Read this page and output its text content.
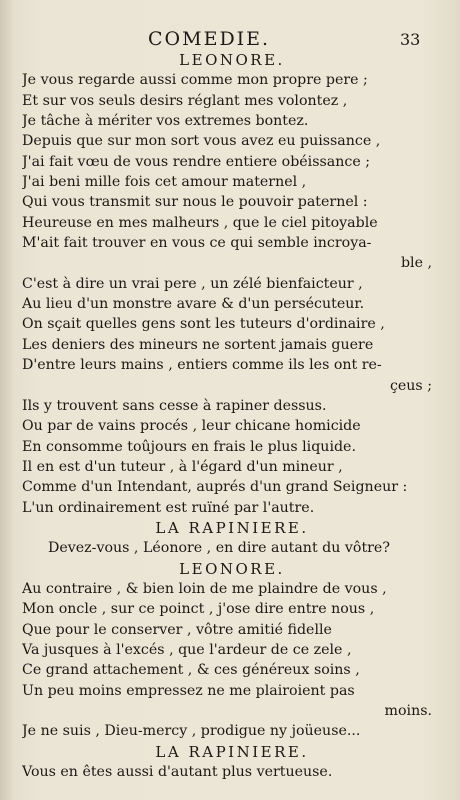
COMEDIE.	33
LEONORE.
Je vous regarde aussi comme mon propre pere ;
Et sur vos seuls desirs réglant mes volontez ,
Je tâche à mériter vos extremes bontez.
Depuis que sur mon sort vous avez eu puissance ,
J'ai fait vœu de vous rendre entiere obéissance ;
J'ai beni mille fois cet amour maternel ,
Qui vous transmit sur nous le pouvoir paternel :
Heureuse en mes malheurs , que le ciel pitoyable
M'ait fait trouver en vous ce qui semble incroya-
ble ,
C'est à dire un vrai pere , un zélé bienfaicteur ,
Au lieu d'un monstre avare & d'un persécuteur.
On sçait quelles gens sont les tuteurs d'ordinaire ,
Les deniers des mineurs ne sortent jamais guere
D'entre leurs mains , entiers comme ils les ont re-
çeus ;
Ils y trouvent sans cesse à rapiner dessus.
Ou par de vains procés , leur chicane homicide
En consomme toûjours en frais le plus liquide.
Il en est d'un tuteur , à l'égard d'un mineur ,
Comme d'un Intendant, auprés d'un grand Seigneur :
L'un ordinairement est ruïné par l'autre.
LA RAPINIERE.
Devez-vous , Léonore , en dire autant du vôtre?
LEONORE.
Au contraire , & bien loin de me plaindre de vous ,
Mon oncle , sur ce poinct , j'ose dire entre nous ,
Que pour le conserver , vôtre amitié fidelle
Va jusques à l'excés , que l'ardeur de ce zele ,
Ce grand attachement , & ces généreux soins ,
Un peu moins empressez ne me plairoient pas
moins.
Je ne suis , Dieu-mercy , prodigue ny joüeuse...
LA RAPINIERE.
Vous en êtes aussi d'autant plus vertueuse.
